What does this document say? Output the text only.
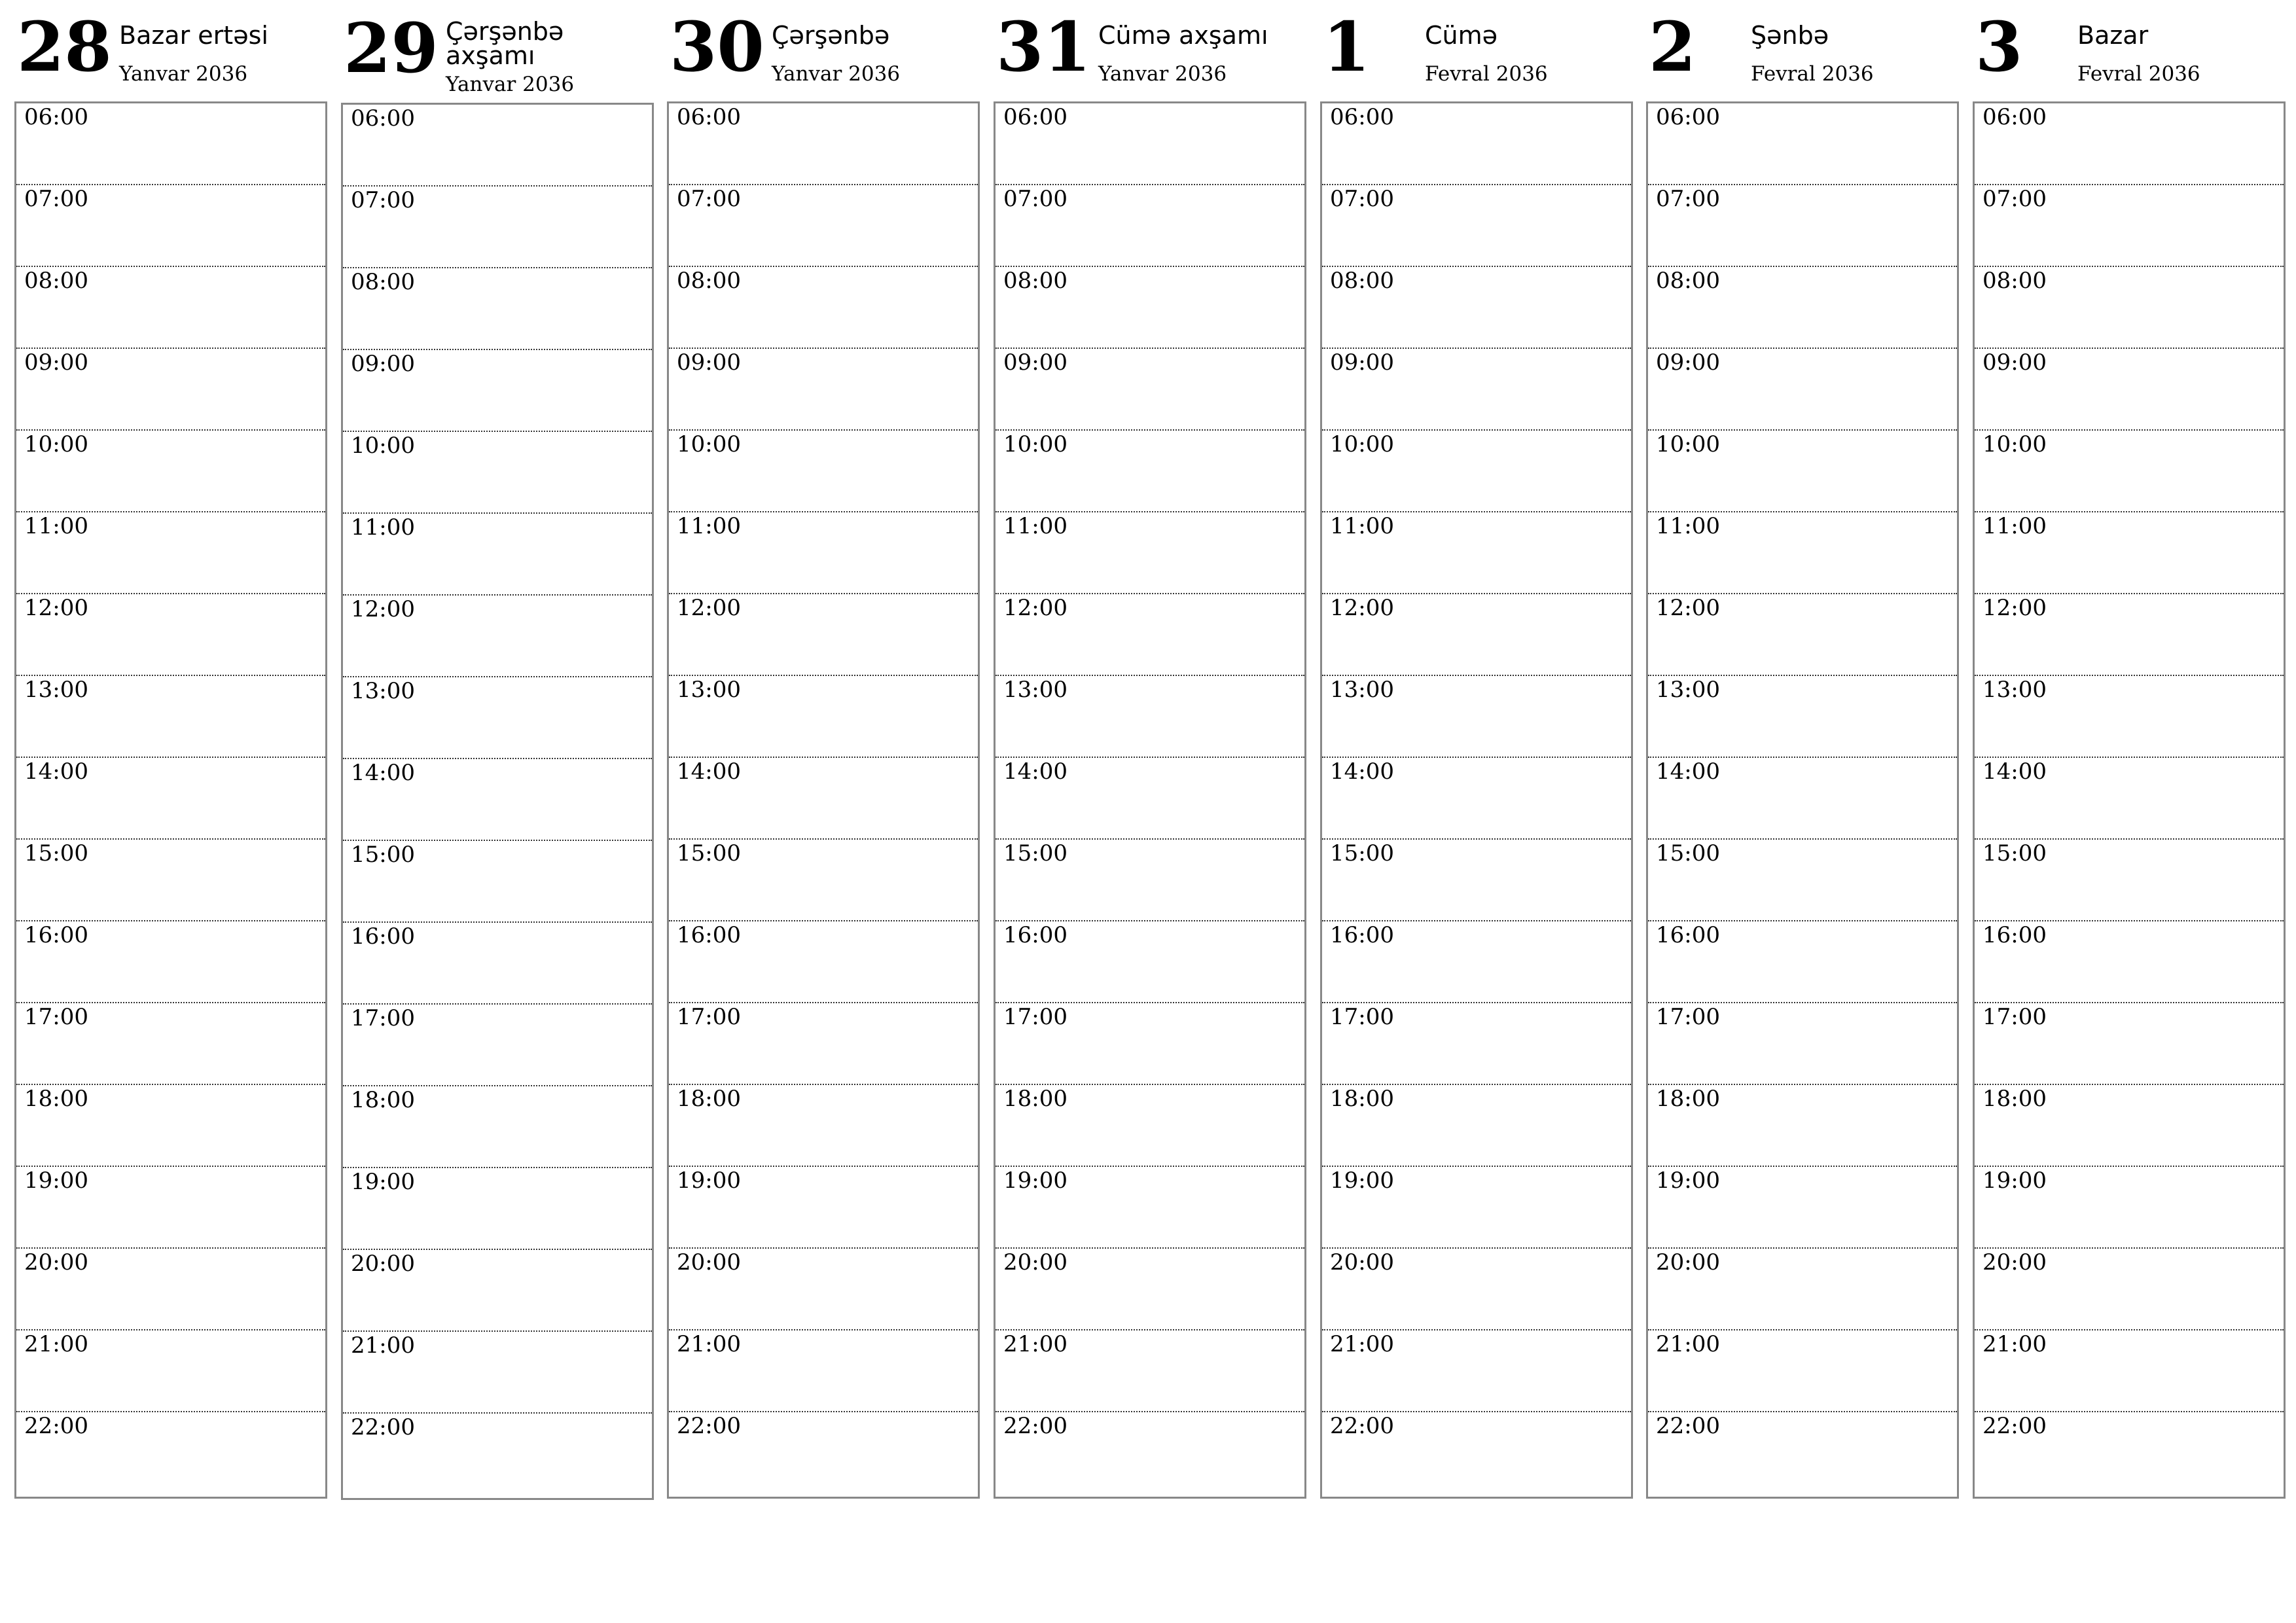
28 Bazar ertəsi
Yanvar 2036
06:00
07:00
08:00
09:00
10:00
11:00
12:00
13:00
14:00
15:00
16:00
17:00
18:00
19:00
20:00
21:00
22:00
29 Çərşənbə axşamı
Yanvar 2036
06:00
07:00
08:00
09:00
10:00
11:00
12:00
13:00
14:00
15:00
16:00
17:00
18:00
19:00
20:00
21:00
22:00
30 Çərşənbə
Yanvar 2036
06:00
07:00
08:00
09:00
10:00
11:00
12:00
13:00
14:00
15:00
16:00
17:00
18:00
19:00
20:00
21:00
22:00
31 Cümə axşamı
Yanvar 2036
06:00
07:00
08:00
09:00
10:00
11:00
12:00
13:00
14:00
15:00
16:00
17:00
18:00
19:00
20:00
21:00
22:00
1 Cümə
Fevral 2036
06:00
07:00
08:00
09:00
10:00
11:00
12:00
13:00
14:00
15:00
16:00
17:00
18:00
19:00
20:00
21:00
22:00
2 Şənbə
Fevral 2036
06:00
07:00
08:00
09:00
10:00
11:00
12:00
13:00
14:00
15:00
16:00
17:00
18:00
19:00
20:00
21:00
22:00
3 Bazar
Fevral 2036
06:00
07:00
08:00
09:00
10:00
11:00
12:00
13:00
14:00
15:00
16:00
17:00
18:00
19:00
20:00
21:00
22:00
